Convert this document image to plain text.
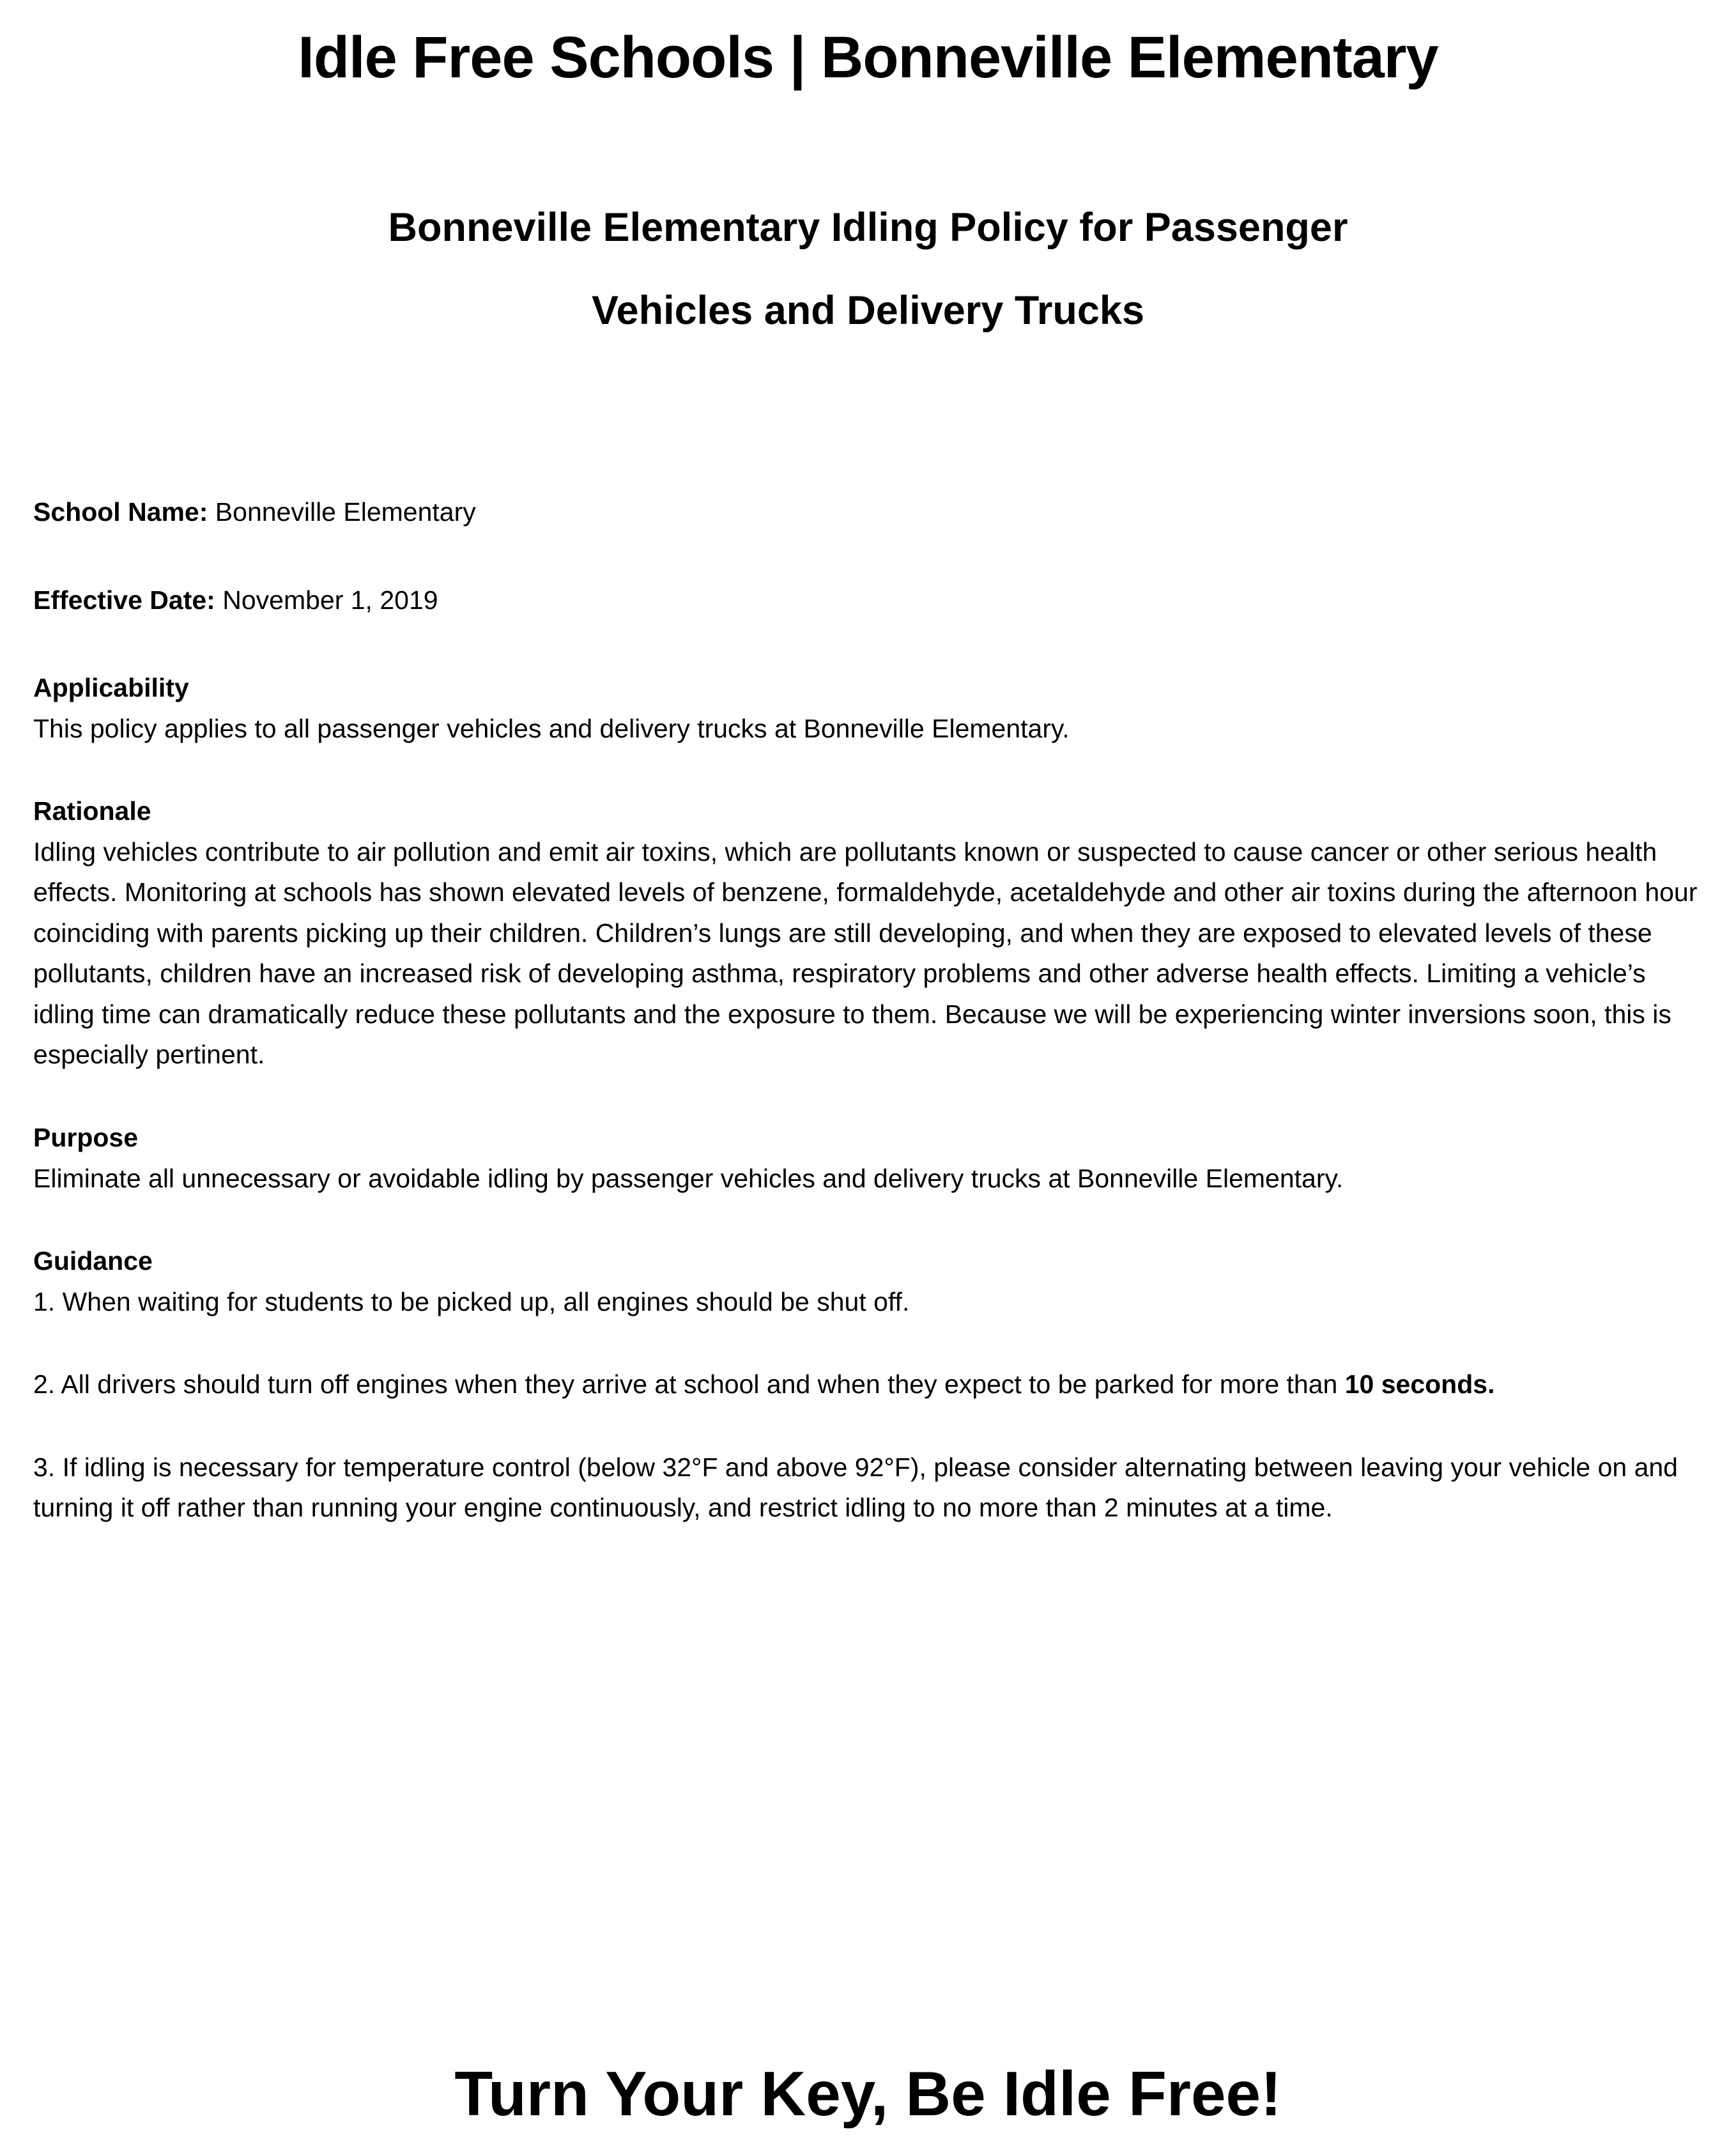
Idle Free Schools | Bonneville Elementary

Bonneville Elementary Idling Policy for Passenger

Vehicles and Delivery Trucks

School Name: Bonneville Elementary

Effective Date: November 1, 2019

Applicability

This policy applies to all passenger vehicles and delivery trucks at Bonneville Elementary.

Rationale

Idling vehicles contribute to air pollution and emit air toxins, which are pollutants known or suspected to cause cancer or other serious health effects. Monitoring at schools has shown elevated levels of benzene, formaldehyde, acetaldehyde and other air toxins during the afternoon hour coinciding with parents picking up their children. Children’s lungs are still developing, and when they are exposed to elevated levels of these pollutants, children have an increased risk of developing asthma, respiratory problems and other adverse health effects. Limiting a vehicle’s idling time can dramatically reduce these pollutants and the exposure to them. Because we will be experiencing winter inversions soon, this is especially pertinent.

Purpose

Eliminate all unnecessary or avoidable idling by passenger vehicles and delivery trucks at Bonneville Elementary.

Guidance

1. When waiting for students to be picked up, all engines should be shut off.

2. All drivers should turn off engines when they arrive at school and when they expect to be parked for more than 10 seconds.

3. If idling is necessary for temperature control (below 32°F and above 92°F), please consider alternating between leaving your vehicle on and turning it off rather than running your engine continuously, and restrict idling to no more than 2 minutes at a time.

Turn Your Key, Be Idle Free!
